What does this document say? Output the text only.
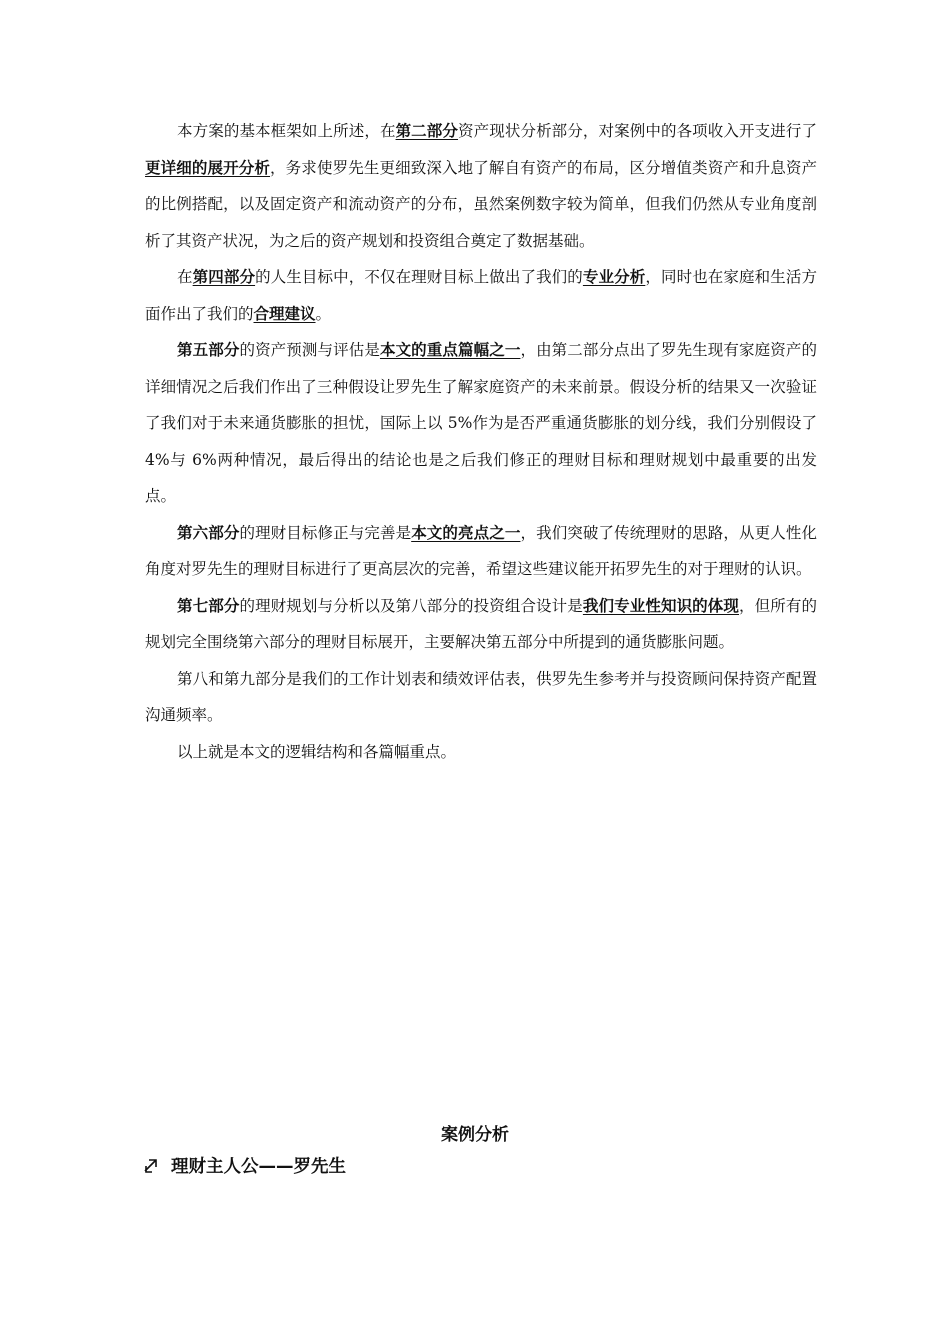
本方案的基本框架如上所述，在第二部分资产现状分析部分，对案例中的各项收入开支进行了更详细的展开分析，务求使罗先生更细致深入地了解自有资产的布局，区分增值类资产和升息资产的比例搭配，以及固定资产和流动资产的分布，虽然案例数字较为简单，但我们仍然从专业角度剖析了其资产状况，为之后的资产规划和投资组合奠定了数据基础。

在第四部分的人生目标中，不仅在理财目标上做出了我们的专业分析，同时也在家庭和生活方面作出了我们的合理建议。

第五部分的资产预测与评估是本文的重点篇幅之一，由第二部分点出了罗先生现有家庭资产的详细情况之后我们作出了三种假设让罗先生了解家庭资产的未来前景。假设分析的结果又一次验证了我们对于未来通货膨胀的担忧，国际上以 5%作为是否严重通货膨胀的划分线，我们分别假设了 4%与 6%两种情况，最后得出的结论也是之后我们修正的理财目标和理财规划中最重要的出发点。

第六部分的理财目标修正与完善是本文的亮点之一，我们突破了传统理财的思路，从更人性化角度对罗先生的理财目标进行了更高层次的完善，希望这些建议能开拓罗先生的对于理财的认识。

第七部分的理财规划与分析以及第八部分的投资组合设计是我们专业性知识的体现，但所有的规划完全围绕第六部分的理财目标展开，主要解决第五部分中所提到的通货膨胀问题。

第八和第九部分是我们的工作计划表和绩效评估表，供罗先生参考并与投资顾问保持资产配置沟通频率。

以上就是本文的逻辑结构和各篇幅重点。

案例分析
理财主人公——罗先生
